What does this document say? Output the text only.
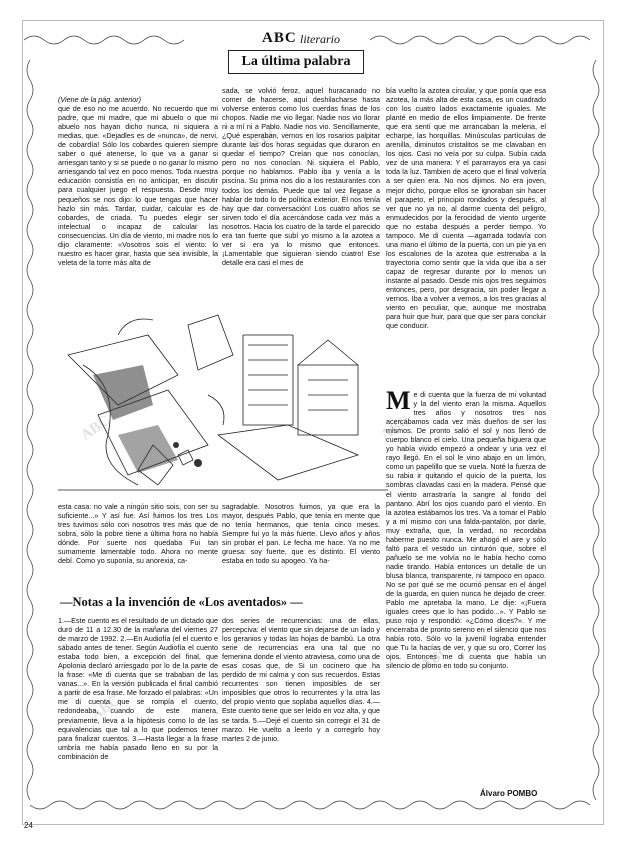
ABC literario
La última palabra

(Viene de la pág. anterior)

que de eso no me acuerdo. No recuerdo que mi padre, que mi madre, que mi abuelo o que mi abuelo nos hayan dicho nunca, ni siquiera a medias, que. «Dejadles es de «nunca», de nervi, de cobardía! Sólo los cobardes quieren siempre saber o qué atenerse, lo que va a ganar si arriesgan tanto y si se puede o no ganar lo mismo arriesgando tal vez en poco menos. Toda nuestra educación consistía en no anticipar, en discutir para cualquier juego el respuesta. Desde muy pequeños se nos dijo: lo que tengas que hacer hazlo sin más. Tardar, cuidar, calcular es de cobardes, de criada. Tu puedes elegir ser intelectual o incapaz de calcular las consecuencias. Un día de viento, mi madre nos lo dijo claramente: «Vosotros sois el viento: lo nuestro es hacer girar, hasta que sea invisible, la veleta de la torre más alta de

sada, se volvió feroz, aquel huracanado no comer de hacerse, aquí deshilacharse hasta volverse enteros como los cuerdas finas de los chopos. Nadie me vio llegar. Nadie nos vio llorar ni a mí ni a Pablo. Nadie nos vio. Sencillamente, ¿Qué esperaban, vernos en los rosarios palpitar durante las dos horas seguidas que duraron en quedar el tiempo? Creían que nos conocían, pero no nos conocían. Ni siquiera el Pablo, porque no hablamos. Pablo iba y venía a la piscina. Su prima nos dio a los restaurantes con todos los demás. Puede que tal vez llegase a hablar de todo lo de política exterior. Él nos tenía hay que dar conversación! Los cuatro años se sirven todo el día acercándose cada vez más a nosotros. Hacia los cuatro de la tarde el parecido era tan fuerte que subí yo mismo a la azotea a ver si era ya lo mismo que entonces. ¡Lamentable que siguieran siendo cuatro! Ese detalle era casi el mes de

bía vuelto la azotea circular, y que ponía que esa azotea, la más alta de esta casa, es un cuadrado con los cuatro lados exactamente iguales. Me planté en medio de ellos limpiamente. De frente que era sentí que me arrancaban la melena, el echarpe, las horquillas. Minúsculas partículas de arenilla, diminutos cristalitos se me clavaban en los ojos. Casi no veía por su culpa. Subía cada vez de una manera: Y el pararrayos era ya casi toda la luz. Tambien de acero que el final volvería a ser quien era. No nos dijimos. No era joven, mejor dicho, porque ellos se ignoraban sin hacer el parapeto, el principio rondados y después, al ver que no ya no, al darme cuenta del peligro, enmudecidos por la ferocidad de viento urgente que no estaba después a perder tiempo. Yo tampoco. Me di cuenta —agarrada todavía con una mano el último de la puerta, con un pie ya en los escalones de la azotea que estrenaba a la trayectoria como sentir que la vida que iba a ser capaz de regresar durante por lo menos un instante al pasado. Desde mis ojos tres seguimos entonces, pero, por desgracia, sin poder llegar a vernos. Iba a volver a vernos, a los tres gracias al viento en peculiar, que, aunque me mostraba para huir que huir, para que que ser para concluir que conducir.

M e di cuenta que la fuerza de mi voluntad y la del viento eran la misma. Aquellos tres años y nosotros tres nos acercábamos cada vez más dueños de ser los mismos. De pronto salió el sol y nos llenó de cuerpo blanco el cielo. Una pequeña higuera que yo había vivido empezó a ondear y una vez el rayo llegó. En el sol le vino abajo en un limón, como un papelillo que se vuela. Noté la fuerza de su rabia ir quitando el quicio de la puerta, los sombras clavadas casi en la madera. Pensé que el viento arrastraría la sangre al fondo del pantano. Abrí los ojos cuando paró el viento. En la azotea estábamos los tres. Va a tomar el Pablo y a mí mismo con una falda-pantalón, por darle, muy extraña, que, la verdad, no recordaba haberme puesto nunca. Me ahogó el aire y sólo faltó para el vestido un cinturón que, sobre el pañuelo se me volvía no le había hecho como nadie tirando. Había entonces un detalle de un blusa blanca, transparente, ni tampoco en opaco. No se por qué se me ocurrió pensar en el ángel de la guarda, en quien nunca he dejado de creer. Pablo me apretaba la mano. Le dije: «¡Fuera iguales crees que lo has podido...». Y Pablo se puso rojo y respondió: «¿Cómo dices?». Y me encerraba de pronto sereno en el silencio que nos había roto. Sólo vo la juvenil lograba entender que Tu la hacías de ver, y que su oro, Correr los ojos. Entonces me di cuenta que había un silencio de plomo en todo su conjunto.

esta casa: no vale a ningún sitio sois, con ser su suficiente...» Y así fue. Así fuimos los tres Los tres tuvimos sólo con nosotros tres más que de sobra, sólo la pobre tiene a última hora no había dónde. Por suerte nos quedaba Fui tan sumamente lamentable todo. Ahora no mente debí. Como yo suponía, su anorexia, ca-

sagradable. Nosotros fuimos, ya que era la mayor, después Pablo, que tenía en mente que no tenía hermanos, que tenía cinco meses. Siempre fui yo la más fuerte. Llevo años y años sin probar el pan. Le fecha me hace. Ya no me gruesa: soy fuerte, que es distinto. El viento estaba en todo su apogeo. Ya ha-

—Notas a la invención de «Los aventados» —

1.—Este cuento es el resultado de un dictado que duró de 11 a 12.30 de la mañana del viernes 27 de marzo de 1992. 2.—En Audiofía (el el cuento e sábado antes de tener. Según Audiofía el cuento estaba todo bien, a excepción del final, que Apolonia declaró arriesgado por lo de la parte de la frase: «Me di cuenta que se trababan de las vanas...». En la versión publicada el final cambió a partir de esa frase. Me forzado el palabras: «Un me di cuenta que se rompía el cuento, redondeaba, cuando de este manera, previamente, lleva a la hipótesis como lo de las equivalencias que tal a lo que podemos tener para finalizar cuentos. 3.—Hasta llegar a la frase umbría me había pasado lleno en su por la combinación de

dos series de recurrencias: una de ellas, percepciva: el viento que sin dejarse de un lado y los geranios y todas las hojas de bambú. La otra serie de recurrencias era una tal que no femenina donde el viento atraviesa, como una de esas cosas que, de Si un cocinero que ha perdido de mi calma y con sus recuerdos. Estas recurrentes son tienen imposibles de ser imposibles que otros lo recurrentes y la otra las del propio viento que soplaba aquellos días. 4.—Este cuento tiene que ser leído en voz alta, y que se tarda. 5.—Dejé el cuento sin corregir el 31 de marzo. He vuelto a leerlo y a corregirlo hoy martes 2 de junio.

Álvaro POMBO
24
ABC	ABC
ABC
ABC
ABC
